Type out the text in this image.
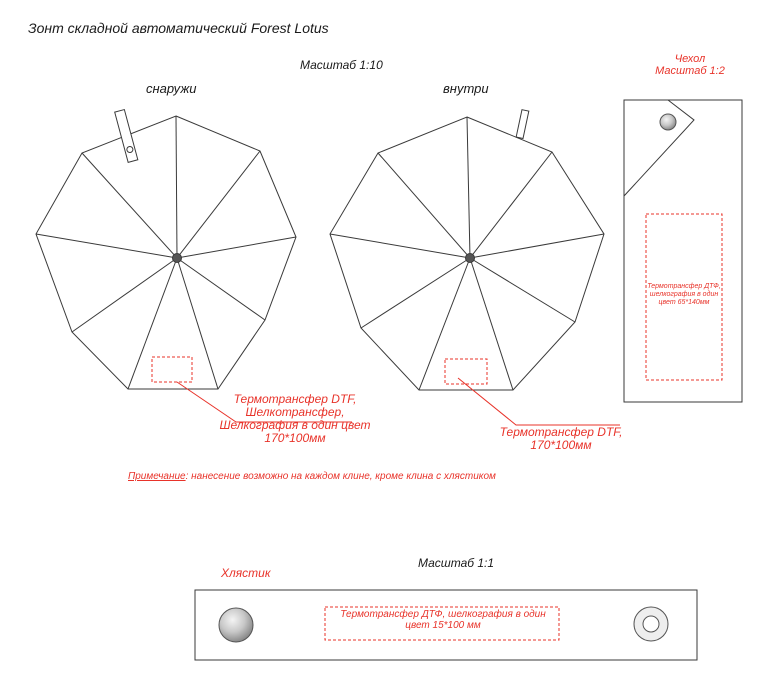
Зонт складной автоматический Forest Lotus
Масштаб 1:10
снаружи	внутри
Чехол
Масштаб 1:2
Термотрансфер DTF, Шелкотрансфер, Шелкография в один цвет 170*100мм	Термотрансфер DTF, 170*100мм
Термотрансфер ДТФ, шелкография в один цвет 65*140мм
Примечание: нанесение возможно на каждом клине, кроме клина с хлястиком
Хлястик
Масштаб 1:1
Термотрансфер ДТФ, шелкография в один цвет 15*100 мм
